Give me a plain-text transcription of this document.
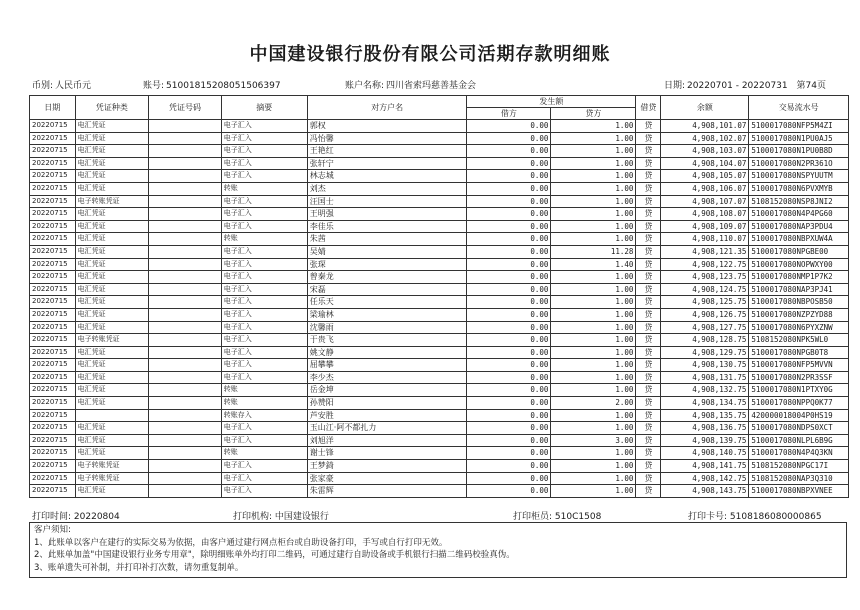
中国建设银行股份有限公司活期存款明细账
币别: 人民币元	账号: 51001815208051506397	账户名称: 四川省索玛慈善基金会	日期: 20220701 - 20220731 第74页
日期	凭证种类	凭证号码	摘要	对方户名	发生额		借贷	余额	交易流水号
					借方	贷方			
20220715	电汇凭证		电子汇入	郭权	0.00	1.00	贷	4,908,101.07	5100017080NFP5M4ZI
20220715	电汇凭证		电子汇入	冯怡馨	0.00	1.00	贷	4,908,102.07	5100017080N1PU0AJ5
20220715	电汇凭证		电子汇入	王艳红	0.00	1.00	贷	4,908,103.07	5100017080N1PU0B8D
20220715	电汇凭证		电子汇入	张轩宁	0.00	1.00	贷	4,908,104.07	5100017080N2PR361O
20220715	电汇凭证		电子汇入	林志城	0.00	1.00	贷	4,908,105.07	5100017080NSPYUUTM
20220715	电汇凭证		转账	刘杰	0.00	1.00	贷	4,908,106.07	5100017080N6PVXMYB
20220715	电子转账凭证		电子汇入	汪国士	0.00	1.00	贷	4,908,107.07	5108152080NSP8JNI2
20220715	电汇凭证		电子汇入	王明强	0.00	1.00	贷	4,908,108.07	5100017080N4P4PG60
20220715	电汇凭证		电子汇入	李佳乐	0.00	1.00	贷	4,908,109.07	5100017080NAP3PDU4
20220715	电汇凭证		转账	朱茜	0.00	1.00	贷	4,908,110.07	5100017080NBPXUW4A
20220715	电汇凭证		电子汇入	吴婧	0.00	11.28	贷	4,908,121.35	5100017080NPGBE00
20220715	电汇凭证		电子汇入	张琛	0.00	1.40	贷	4,908,122.75	5100017080NOPWXY00
20220715	电汇凭证		电子汇入	曾秦龙	0.00	1.00	贷	4,908,123.75	5100017080NMP1P7K2
20220715	电汇凭证		电子汇入	宋磊	0.00	1.00	贷	4,908,124.75	5100017080NAP3PJ41
20220715	电汇凭证		电子汇入	任乐天	0.00	1.00	贷	4,908,125.75	5100017080NBPOSB50
20220715	电汇凭证		电子汇入	梁瑜林	0.00	1.00	贷	4,908,126.75	5100017080NZPZYD88
20220715	电汇凭证		电子汇入	沈馨雨	0.00	1.00	贷	4,908,127.75	5100017080N6PYXZNW
20220715	电子转账凭证		电子汇入	于贵飞	0.00	1.00	贷	4,908,128.75	5108152080NPK5WL0
20220715	电汇凭证		电子汇入	姚文静	0.00	1.00	贷	4,908,129.75	5100017080NPGB0T8
20220715	电汇凭证		电子汇入	屈攀攀	0.00	1.00	贷	4,908,130.75	5100017080NFP5MVVN
20220715	电汇凭证		电子汇入	李少杰	0.00	1.00	贷	4,908,131.75	5100017080N2PR3SSF
20220715	电汇凭证		转账	岳金坤	0.00	1.00	贷	4,908,132.75	5100017080N1PTXY0G
20220715	电汇凭证		转账	孙赞阳	0.00	2.00	贷	4,908,134.75	5100017080NPPQ0K77
20220715			转账存入	芦安胜	0.00	1.00	贷	4,908,135.75	420000018004P0HS19
20220715	电汇凭证		电子汇入	玉山江·阿不都扎力	0.00	1.00	贷	4,908,136.75	5100017080NDPS0XCT
20220715	电汇凭证		电子汇入	刘旭洋	0.00	3.00	贷	4,908,139.75	5100017080NLPL6B9G
20220715	电汇凭证		转账	谢士锋	0.00	1.00	贷	4,908,140.75	5100017080N4P4Q3KN
20220715	电子转账凭证		电子汇入	王梦錡	0.00	1.00	贷	4,908,141.75	5108152080NPGC17I
20220715	电子转账凭证		电子汇入	张家豪	0.00	1.00	贷	4,908,142.75	5108152080NAP3Q310
20220715	电汇凭证		电子汇入	朱雷辉	0.00	1.00	贷	4,908,143.75	5100017080NBPXVNEE
打印时间: 20220804	打印机构: 中国建设银行	打印柜员: 510C1508	打印卡号: 5108186080000865
客户须知:
1、此账单以客户在建行的实际交易为依据，由客户通过建行网点柜台或自助设备打印，手写或自行打印无效。
2、此账单加盖"中国建设银行业务专用章"，除明细账单外均打印二维码，可通过建行自助设备或手机银行扫描二维码校验真伪。
3、账单遗失可补制，并打印补打次数，请勿重复制单。
